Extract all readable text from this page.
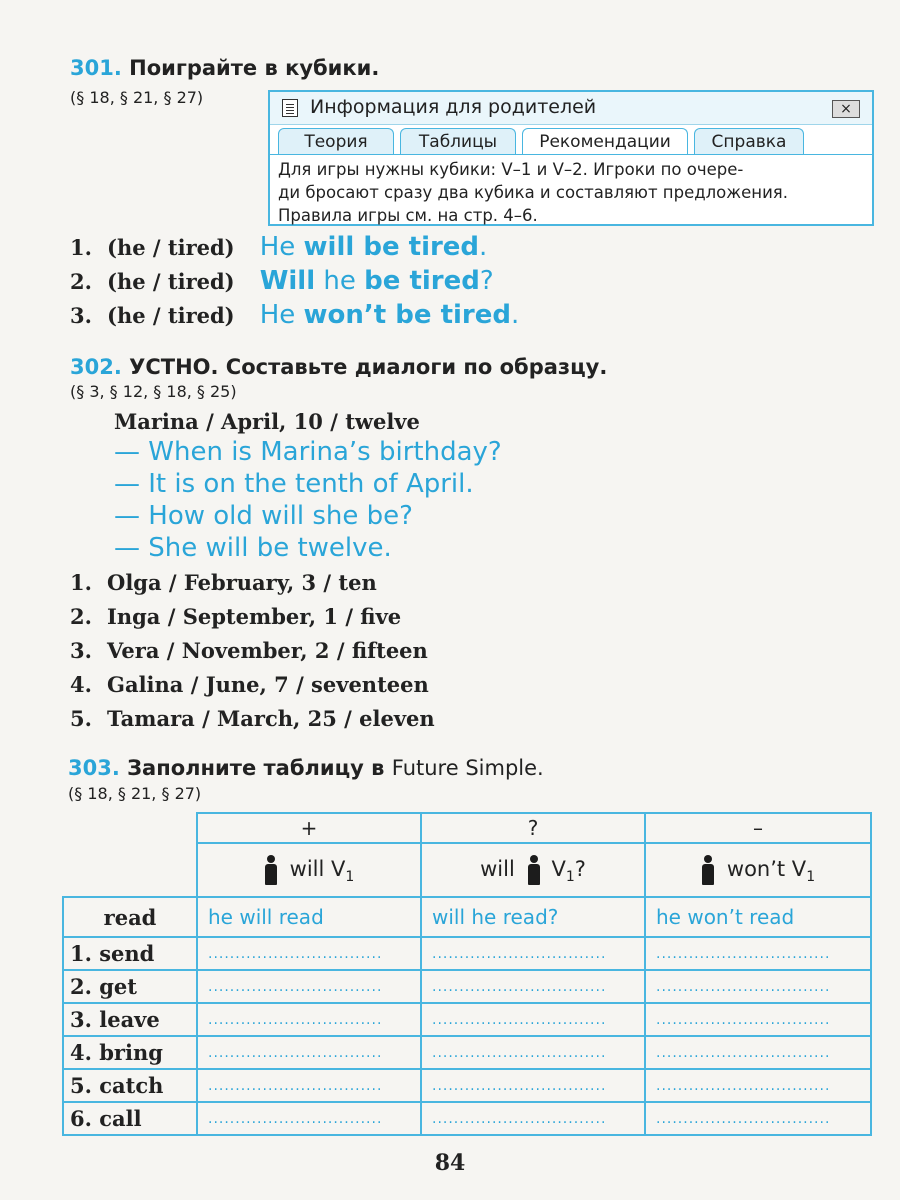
301. Поиграйте в кубики.
(§ 18, § 21, § 27)	Информация для родителей	×
Теория	Таблицы	Рекомендации	Справка
Для игры нужны кубики: V–1 и V–2. Игроки по очере-
ди бросают сразу два кубика и составляют предложения.
Правила игры см. на стр. 4–6.
1. (he / tired) He will be tired.
2. (he / tired) Will he be tired?
3. (he / tired) He won’t be tired.
302. УСТНО. Составьте диалоги по образцу.
(§ 3, § 12, § 18, § 25)
Marina / April, 10 / twelve
— When is Marina’s birthday?
— It is on the tenth of April.
— How old will she be?
— She will be twelve.
1. Olga / February, 3 / ten
2. Inga / September, 1 / five
3. Vera / November, 2 / fifteen
4. Galina / June, 7 / seventeen
5. Tamara / March, 25 / eleven
303. Заполните таблицу в Future Simple.
(§ 18, § 21, § 27)
	+	?	–
	will $V_1$	will $V_1$?	won’t $V_1$
read	he will read	will he read?	he won’t read
1. send	................................	................................	................................
2. get	................................	................................	................................
3. leave	................................	................................	................................
4. bring	................................	................................	................................
5. catch	................................	................................	................................
6. call	................................	................................	................................
84
